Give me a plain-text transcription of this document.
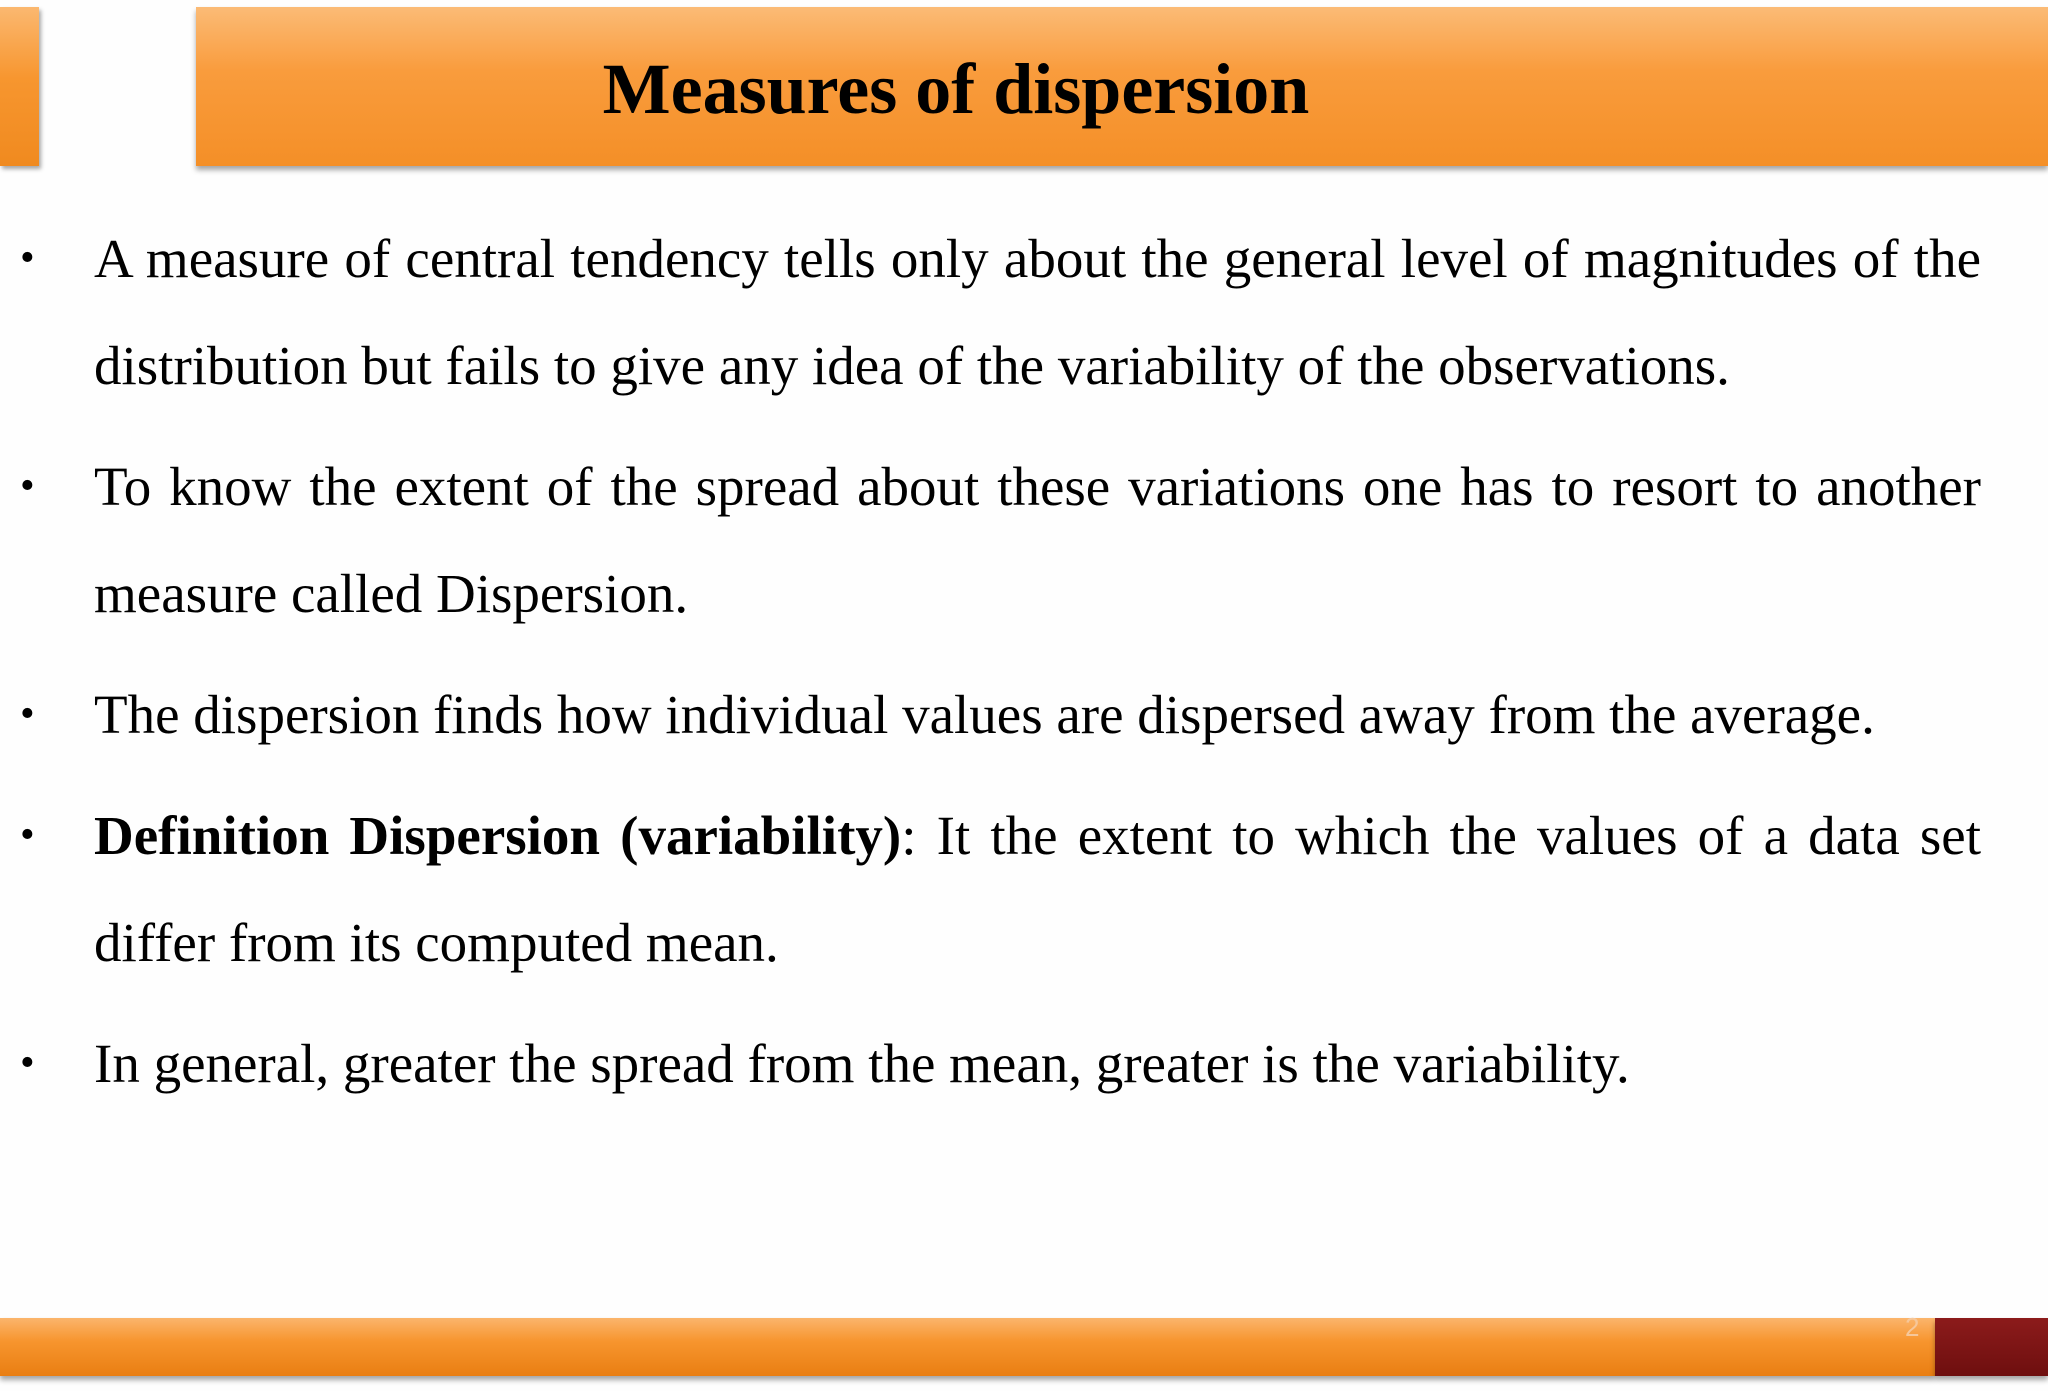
Measures of dispersion
• A measure of central tendency tells only about the general level of magnitudes of the distribution but fails to give any idea of the variability of the observations.
• To know the extent of the spread about these variations one has to resort to another measure called Dispersion.
• The dispersion finds how individual values are dispersed away from the average.
• Definition Dispersion (variability): It the extent to which the values of a data set differ from its computed mean.
• In general, greater the spread from the mean, greater is the variability.
2
